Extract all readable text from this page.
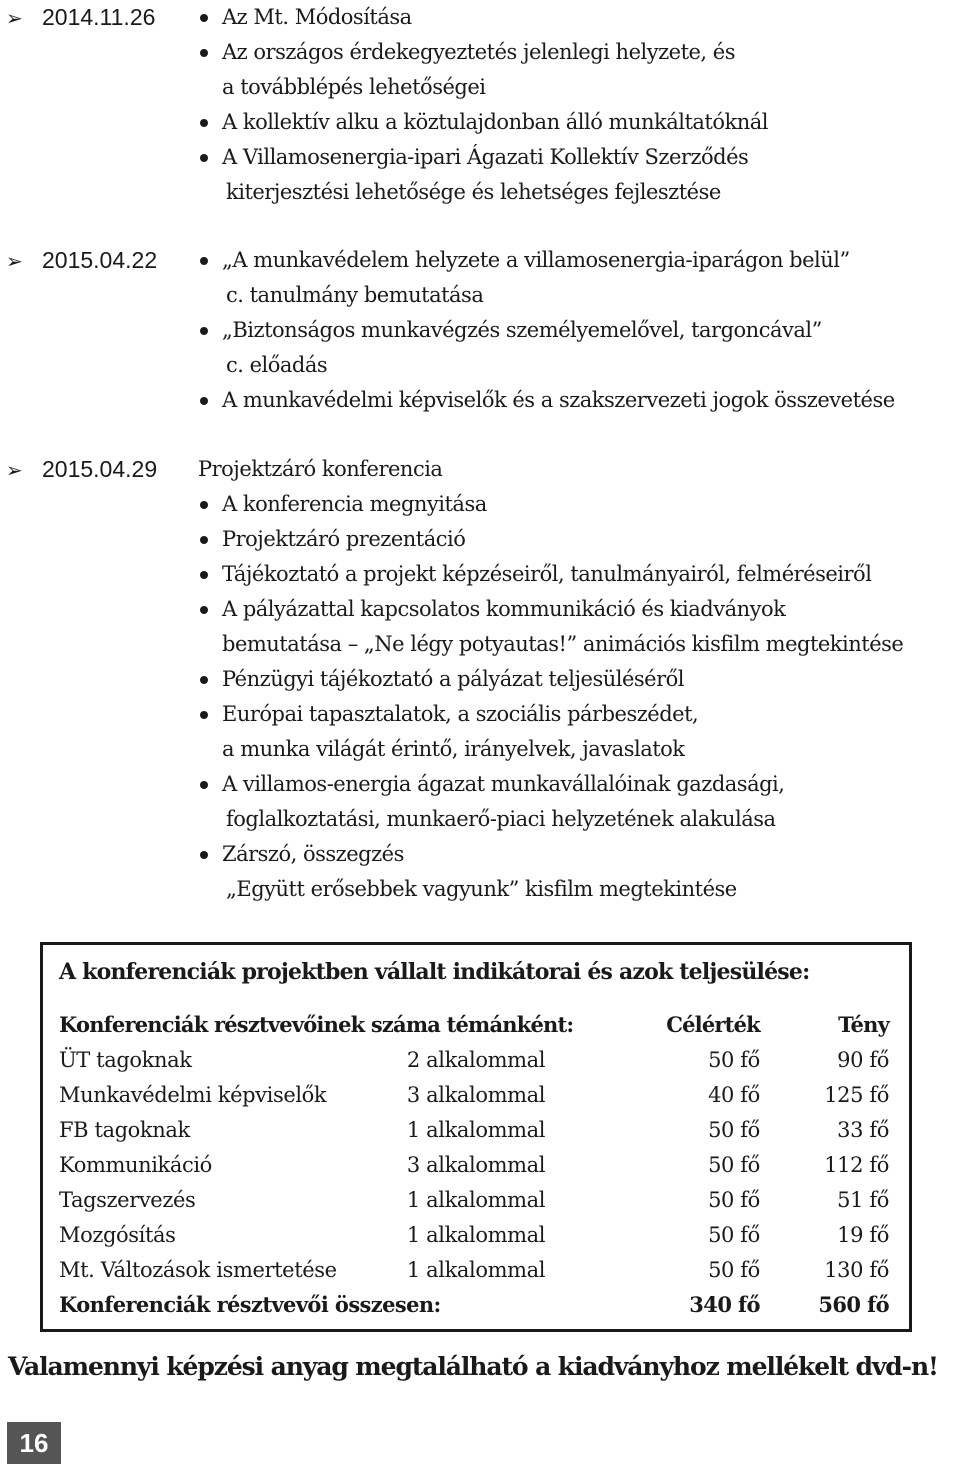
➢ 2014.11.26	Az Mt. Módosítása
Az országos érdekegyeztetés jelenlegi helyzete, és
a továbblépés lehetőségei
A kollektív alku a köztulajdonban álló munkáltatóknál
A Villamosenergia-ipari Ágazati Kollektív Szerződés
kiterjesztési lehetősége és lehetséges fejlesztése
➢ 2015.04.22	„A munkavédelem helyzete a villamosenergia-iparágon belül”
c. tanulmány bemutatása
„Biztonságos munkavégzés személyemelővel, targoncával”
c. előadás
A munkavédelmi képviselők és a szakszervezeti jogok összevetése
➢ 2015.04.29 Projektzáró konferencia
A konferencia megnyitása
Projektzáró prezentáció
Tájékoztató a projekt képzéseiről, tanulmányairól, felméréseiről
A pályázattal kapcsolatos kommunikáció és kiadványok
bemutatása – „Ne légy potyautas!” animációs kisfilm megtekintése
Pénzügyi tájékoztató a pályázat teljesüléséről
Európai tapasztalatok, a szociális párbeszédet,
a munka világát érintő, irányelvek, javaslatok
A villamos-energia ágazat munkavállalóinak gazdasági,
foglalkoztatási, munkaerő-piaci helyzetének alakulása
Zárszó, összegzés
„Együtt erősebbek vagyunk” kisfilm megtekintése
A konferenciák projektben vállalt indikátorai és azok teljesülése:
Konferenciák résztvevőinek száma témánként:		Célérték	Tény
ÜT tagoknak	2 alkalommal	50 fő	90 fő
Munkavédelmi képviselők	3 alkalommal	40 fő	125 fő
FB tagoknak	1 alkalommal	50 fő	33 fő
Kommunikáció	3 alkalommal	50 fő	112 fő
Tagszervezés	1 alkalommal	50 fő	51 fő
Mozgósítás	1 alkalommal	50 fő	19 fő
Mt. Változások ismertetése	1 alkalommal	50 fő	130 fő
Konferenciák résztvevői összesen:		340 fő	560 fő
Valamennyi képzési anyag megtalálható a kiadványhoz mellékelt dvd-n!
16
